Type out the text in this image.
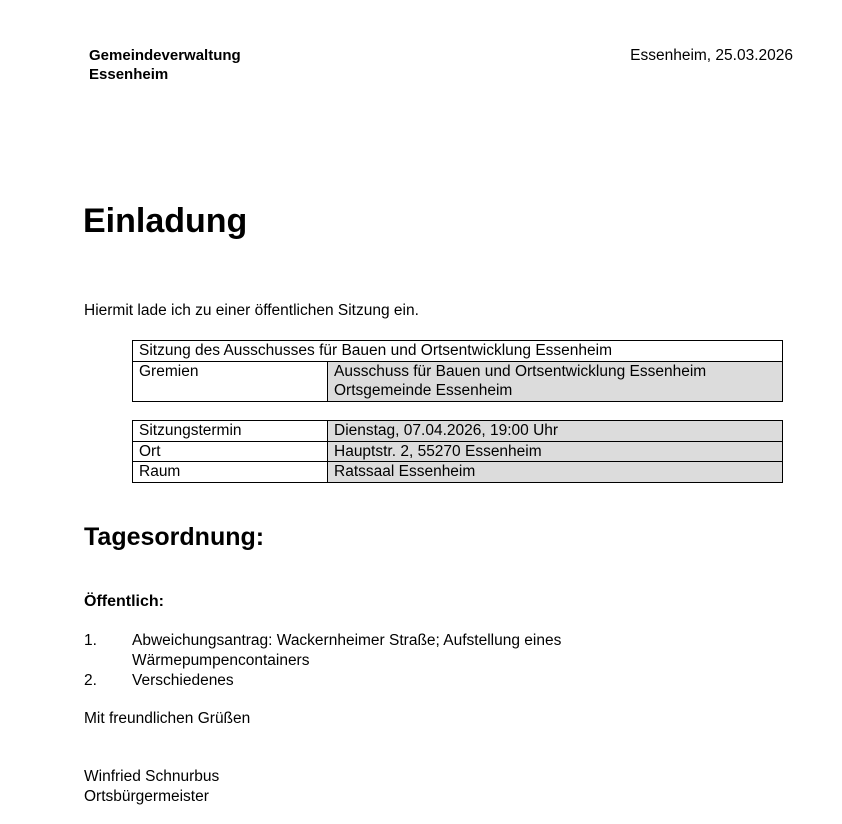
Gemeindeverwaltung
Essenheim
Essenheim, 25.03.2026
Einladung
Hiermit lade ich zu einer öffentlichen Sitzung ein.
Sitzung des Ausschusses für Bauen und Ortsentwicklung Essenheim
Gremien	Ausschuss für Bauen und Ortsentwicklung Essenheim
Ortsgemeinde Essenheim
Sitzungstermin	Dienstag, 07.04.2026, 19:00 Uhr
Ort	Hauptstr. 2, 55270 Essenheim
Raum	Ratssaal Essenheim
Tagesordnung:
Öffentlich:
1. Abweichungsantrag: Wackernheimer Straße; Aufstellung eines Wärmepumpencontainers
2. Verschiedenes
Mit freundlichen Grüßen
Winfried Schnurbus
Ortsbürgermeister
